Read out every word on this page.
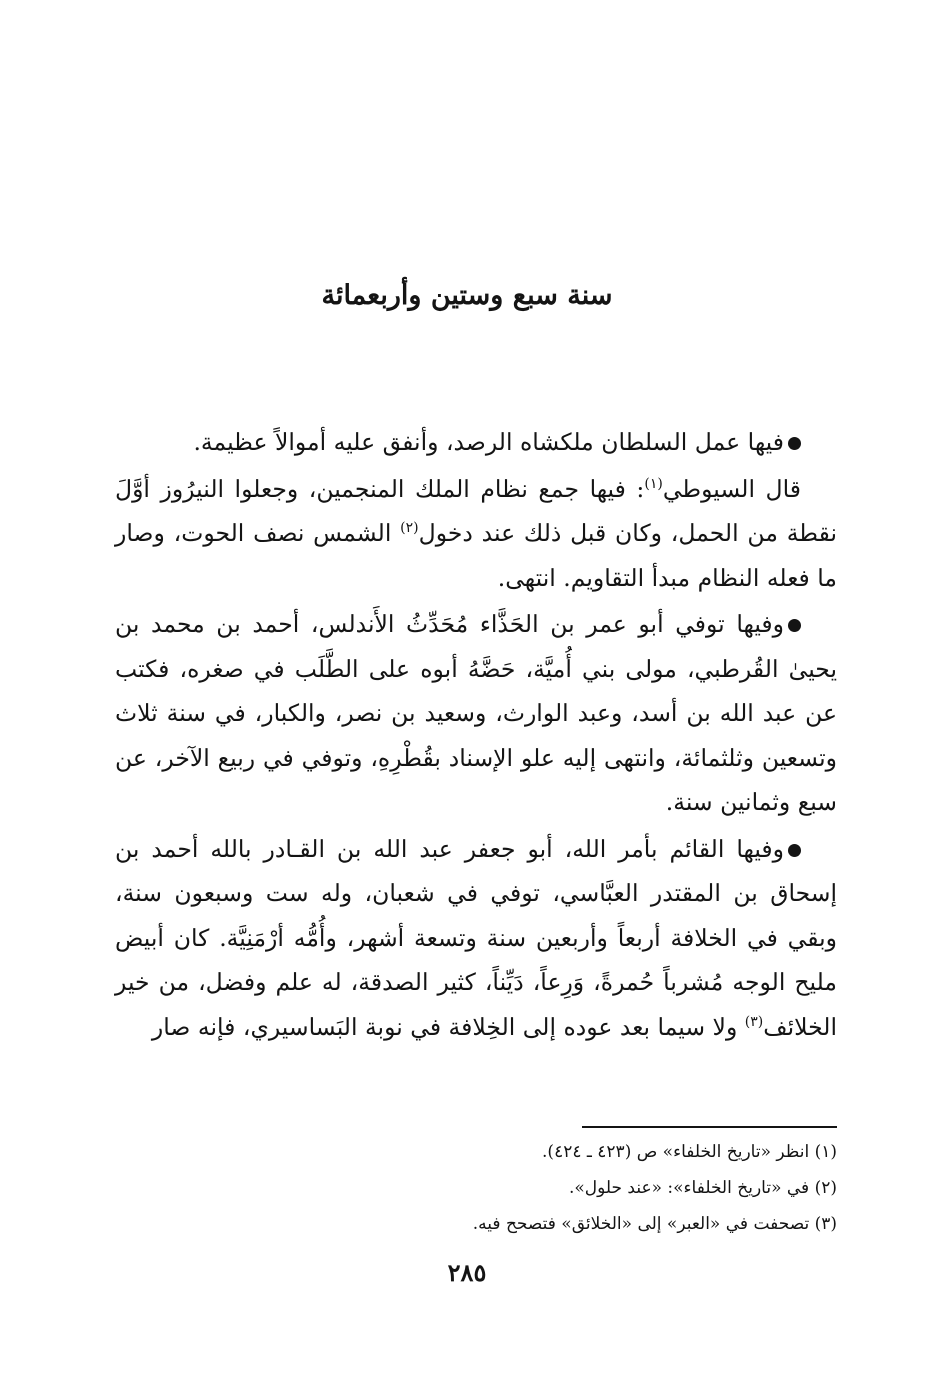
سنة سبع وستين وأربعمائة

فيها عمل السلطان ملكشاه الرصد، وأنفق عليه أموالاً عظيمة.

قال السيوطي$^{(١)}$: فيها جمع نظام الملك المنجمين، وجعلوا النيرُوز أوَّلَ نقطة من الحمل، وكان قبل ذلك عند دخول$^{(٢)}$ الشمس نصف الحوت، وصار ما فعله النظام مبدأ التقاويم. انتهى.

وفيها توفي أبو عمر بن الحَذَّاء مُحَدِّثُ الأَندلس، أحمد بن محمد بن يحيىٰ القُرطبي، مولى بني أُميَّة، حَضَّهُ أبوه على الطَّلَب في صغره، فكتب عن عبد الله بن أسد، وعبد الوارث، وسعيد بن نصر، والكبار، في سنة ثلاث وتسعين وثلثمائة، وانتهى إليه علو الإسناد بقُطْرِهِ، وتوفي في ربيع الآخر، عن سبع وثمانين سنة.

وفيها القائم بأمر الله، أبو جعفر عبد الله بن القـادر بالله أحمد بن إسحاق بن المقتدر العبَّاسي، توفي في شعبان، وله ست وسبعون سنة، وبقي في الخلافة أربعاً وأربعين سنة وتسعة أشهر، وأُمُّه أرْمَنِيَّة. كان أبيض مليح الوجه مُشرباً حُمرةً، وَرِعاً، دَيِّناً، كثير الصدقة، له علم وفضل، من خير الخلائف$^{(٣)}$ ولا سيما بعد عوده إلى الخِلافة في نوبة البَساسيري، فإنه صار

(١) انظر «تاريخ الخلفاء» ص (٤٢٣ ـ ٤٢٤).

(٢) في «تاريخ الخلفاء»: «عند حلول».

(٣) تصحفت في «العبر» إلى «الخلائق» فتصحح فيه.

٢٨٥
